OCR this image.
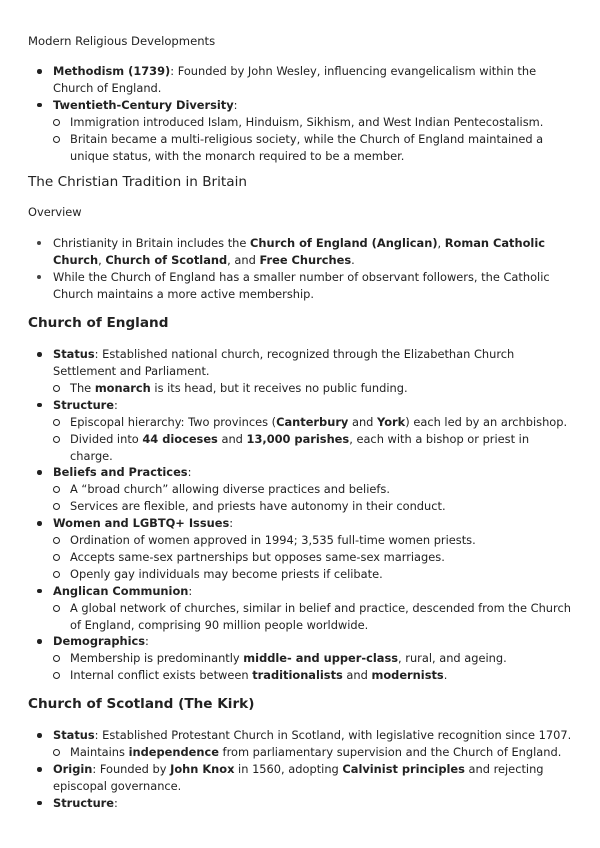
Modern Religious Developments
Methodism (1739): Founded by John Wesley, influencing evangelicalism within the Church of England.
Twentieth-Century Diversity:
Immigration introduced Islam, Hinduism, Sikhism, and West Indian Pentecostalism.
Britain became a multi-religious society, while the Church of England maintained a unique status, with the monarch required to be a member.
The Christian Tradition in Britain
Overview
Christianity in Britain includes the Church of England (Anglican), Roman Catholic Church, Church of Scotland, and Free Churches.
While the Church of England has a smaller number of observant followers, the Catholic Church maintains a more active membership.
Church of England
Status: Established national church, recognized through the Elizabethan Church Settlement and Parliament.
The monarch is its head, but it receives no public funding.
Structure:
Episcopal hierarchy: Two provinces (Canterbury and York) each led by an archbishop.
Divided into 44 dioceses and 13,000 parishes, each with a bishop or priest in charge.
Beliefs and Practices:
A “broad church” allowing diverse practices and beliefs.
Services are flexible, and priests have autonomy in their conduct.
Women and LGBTQ+ Issues:
Ordination of women approved in 1994; 3,535 full-time women priests.
Accepts same-sex partnerships but opposes same-sex marriages.
Openly gay individuals may become priests if celibate.
Anglican Communion:
A global network of churches, similar in belief and practice, descended from the Church of England, comprising 90 million people worldwide.
Demographics:
Membership is predominantly middle- and upper-class, rural, and ageing.
Internal conflict exists between traditionalists and modernists.
Church of Scotland (The Kirk)
Status: Established Protestant Church in Scotland, with legislative recognition since 1707.
Maintains independence from parliamentary supervision and the Church of England.
Origin: Founded by John Knox in 1560, adopting Calvinist principles and rejecting episcopal governance.
Structure:
